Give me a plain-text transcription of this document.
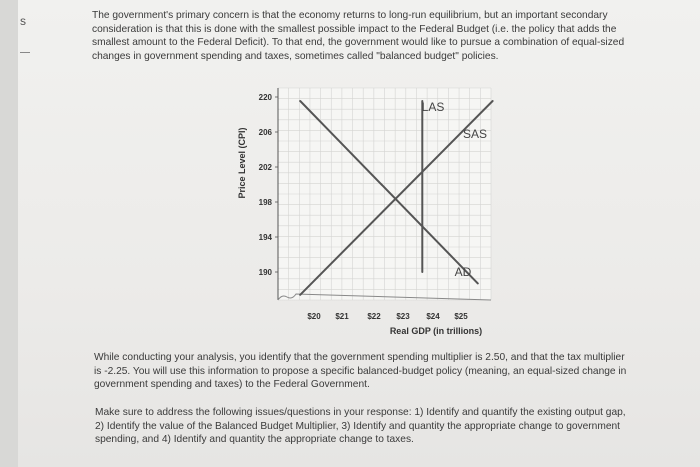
s	The government's primary concern is that the economy returns to long-run equilibrium, but an important secondary consideration is that this is done with the smallest possible impact to the Federal Budget (i.e. the policy that adds the smallest amount to the Federal Deficit). To that end, the government would like to pursue a combination of equal-sized changes in government spending and taxes, sometimes called "balanced budget" policies.
220
206
202
198
194
190
$20 $21 $22 $23 $24 $25
LAS
SAS
AD
Price Level (CPI)
Real GDP (in trillions)
While conducting your analysis, you identify that the government spending multiplier is 2.50, and that the tax multiplier is -2.25. You will use this information to propose a specific balanced-budget policy (meaning, an equal-sized change in government spending and taxes) to the Federal Government.
Make sure to address the following issues/questions in your response: 1) Identify and quantify the existing output gap, 2) Identify the value of the Balanced Budget Multiplier, 3) Identify and quantity the appropriate change to government spending, and 4) Identify and quantity the appropriate change to taxes.
